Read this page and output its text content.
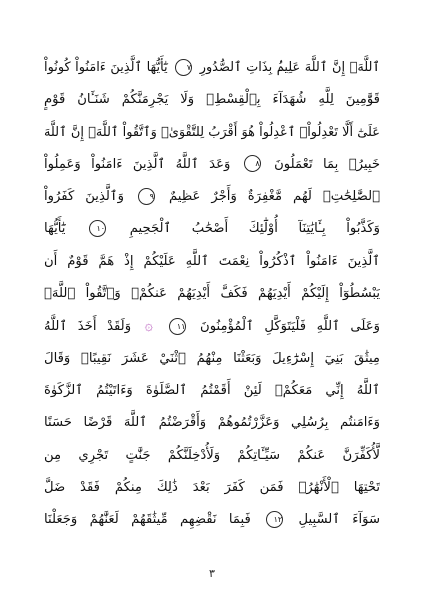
ٱللَّهَۚ إِنَّ ٱللَّهَ عَلِيمُۢ بِذَاتِ ٱلصُّدُورِ ٧ يَٰٓأَيُّهَا ٱلَّذِينَ ءَامَنُواْ كُونُواْ
قَوَّٰمِينَ لِلَّهِ شُهَدَآءَ بِٱلْقِسْطِۖ وَلَا يَجْرِمَنَّكُمْ شَنَـَٔانُ قَوْمٍ
عَلَىٰٓ أَلَّا تَعْدِلُواْۚ ٱعْدِلُواْ هُوَ أَقْرَبُ لِلتَّقْوَىٰۖ وَٱتَّقُواْ ٱللَّهَۚ إِنَّ ٱللَّهَ
خَبِيرُۢ بِمَا تَعْمَلُونَ ٨ وَعَدَ ٱللَّهُ ٱلَّذِينَ ءَامَنُواْ وَعَمِلُواْ
ٱلصَّٰلِحَٰتِۙ لَهُم مَّغْفِرَةٌ وَأَجْرٌ عَظِيمٌ ٩ وَٱلَّذِينَ كَفَرُواْ
وَكَذَّبُواْ بِـَٔايَٰتِنَآ أُوْلَٰٓئِكَ أَصْحَٰبُ ٱلْجَحِيمِ ١٠ يَٰٓأَيُّهَا
ٱلَّذِينَ ءَامَنُواْ ٱذْكُرُواْ نِعْمَتَ ٱللَّهِ عَلَيْكُمْ إِذْ هَمَّ قَوْمٌ أَن
يَبْسُطُوٓاْ إِلَيْكُمْ أَيْدِيَهُمْ فَكَفَّ أَيْدِيَهُمْ عَنكُمْۖ وَٱتَّقُواْ ٱللَّهَۚ
وَعَلَى ٱللَّهِ فَلْيَتَوَكَّلِ ٱلْمُؤْمِنُونَ ١١ ۞ وَلَقَدْ أَخَذَ ٱللَّهُ
مِيثَٰقَ بَنِيٓ إِسْرَٰٓءِيلَ وَبَعَثْنَا مِنْهُمُ ٱثْنَيْ عَشَرَ نَقِيبًاۖ وَقَالَ
ٱللَّهُ إِنِّي مَعَكُمْۖ لَئِنْ أَقَمْتُمُ ٱلصَّلَوٰةَ وَءَاتَيْتُمُ ٱلزَّكَوٰةَ
وَءَامَنتُم بِرُسُلِي وَعَزَّرْتُمُوهُمْ وَأَقْرَضْتُمُ ٱللَّهَ قَرْضًا حَسَنًا
لَّأُكَفِّرَنَّ عَنكُمْ سَيِّـَٔاتِكُمْ وَلَأُدْخِلَنَّكُمْ جَنَّٰتٍ تَجْرِي مِن
تَحْتِهَا ٱلْأَنْهَٰرُۚ فَمَن كَفَرَ بَعْدَ ذَٰلِكَ مِنكُمْ فَقَدْ ضَلَّ
سَوَآءَ ٱلسَّبِيلِ ١٢ فَبِمَا نَقْضِهِم مِّيثَٰقَهُمْ لَعَنَّٰهُمْ وَجَعَلْنَا
٣
